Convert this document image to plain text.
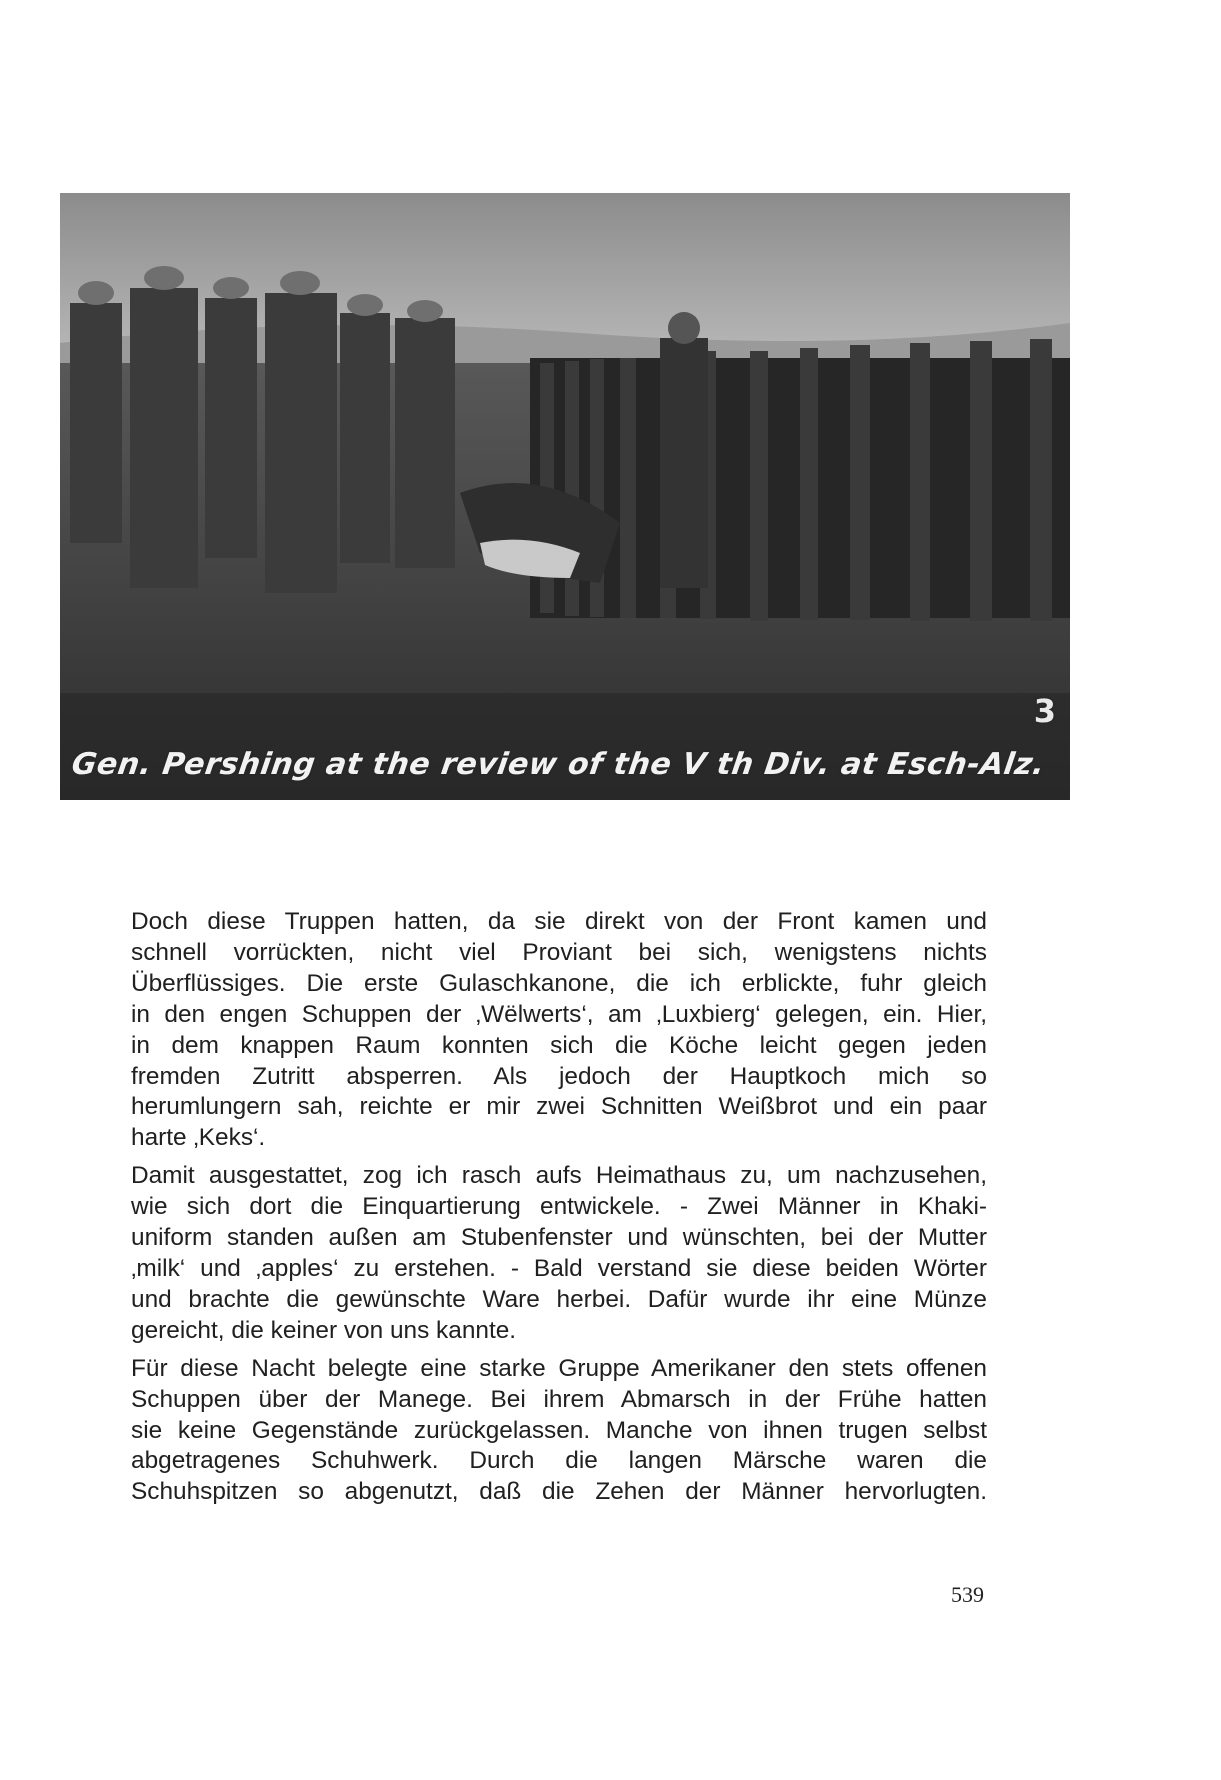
Gen. Pershing at the review of the V th Div. at Esch-Alz.
3

Doch diese Truppen hatten, da sie direkt von der Front kamen und
schnell vorrückten, nicht viel Proviant bei sich, wenigstens nichts
Überflüssiges. Die erste Gulaschkanone, die ich erblickte, fuhr gleich
in den engen Schuppen der ‚Wëlwerts‘, am ‚Luxbierg‘ gelegen, ein. Hier,
in dem knappen Raum konnten sich die Köche leicht gegen jeden
fremden Zutritt absperren. Als jedoch der Hauptkoch mich so
herumlungern sah, reichte er mir zwei Schnitten Weißbrot und ein paar
harte ‚Keks‘.

Damit ausgestattet, zog ich rasch aufs Heimathaus zu, um nachzusehen,
wie sich dort die Einquartierung entwickele. - Zwei Männer in Khaki-
uniform standen außen am Stubenfenster und wünschten, bei der Mutter
‚milk‘ und ‚apples‘ zu erstehen. - Bald verstand sie diese beiden Wörter
und brachte die gewünschte Ware herbei. Dafür wurde ihr eine Münze
gereicht, die keiner von uns kannte.

Für diese Nacht belegte eine starke Gruppe Amerikaner den stets offenen
Schuppen über der Manege. Bei ihrem Abmarsch in der Frühe hatten
sie keine Gegenstände zurückgelassen. Manche von ihnen trugen selbst
abgetragenes Schuhwerk. Durch die langen Märsche waren die
Schuhspitzen so abgenutzt, daß die Zehen der Männer hervorlugten.

539
